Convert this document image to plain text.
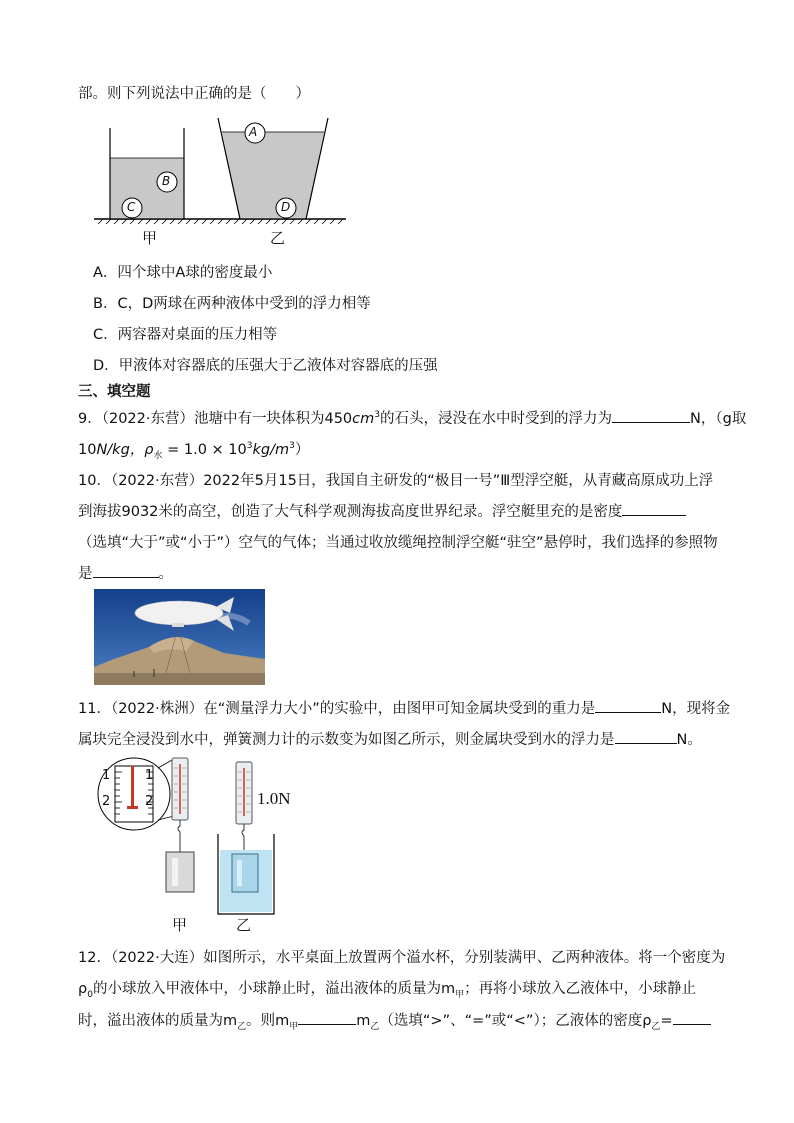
部。则下列说法中正确的是（　　）
A
B
C	D
甲	乙
A．四个球中A球的密度最小
B．C，D两球在两种液体中受到的浮力相等
C．两容器对桌面的压力相等
D．甲液体对容器底的压强大于乙液体对容器底的压强
三、填空题
9．（2022·东营）池塘中有一块体积为$450cm^3$的石头，浸没在水中时受到的浮力为	N，（g取
10N/kg，$\rho_水 = 1.0 \times 10^3kg/m^3$）
10．（2022·东营）2022年5月15日，我国自主研发的“极目一号”Ⅲ型浮空艇，从青藏高原成功上浮
到海拔9032米的高空，创造了大气科学观测海拔高度世界纪录。浮空艇里充的是密度
（选填“大于”或“小于”）空气的气体；当通过收放缆绳控制浮空艇“驻空”悬停时，我们选择的参照物
是	。
11．（2022·株洲）在“测量浮力大小”的实验中，由图甲可知金属块受到的重力是	N，现将金
属块完全浸没到水中，弹簧测力计的示数变为如图乙所示，则金属块受到水的浮力是	N。
1
2
1
2	1.0N
甲	乙
12．（2022·大连）如图所示，水平桌面上放置两个溢水杯，分别装满甲、乙两种液体。将一个密度为
$\rho_0$的小球放入甲液体中，小球静止时，溢出液体的质量为$m_甲$；再将小球放入乙液体中，小球静止
时，溢出液体的质量为$m_乙$。则$m_甲$	$m_乙$（选填“>”、“=”或“<”）；乙液体的密度$\rho_乙=$
